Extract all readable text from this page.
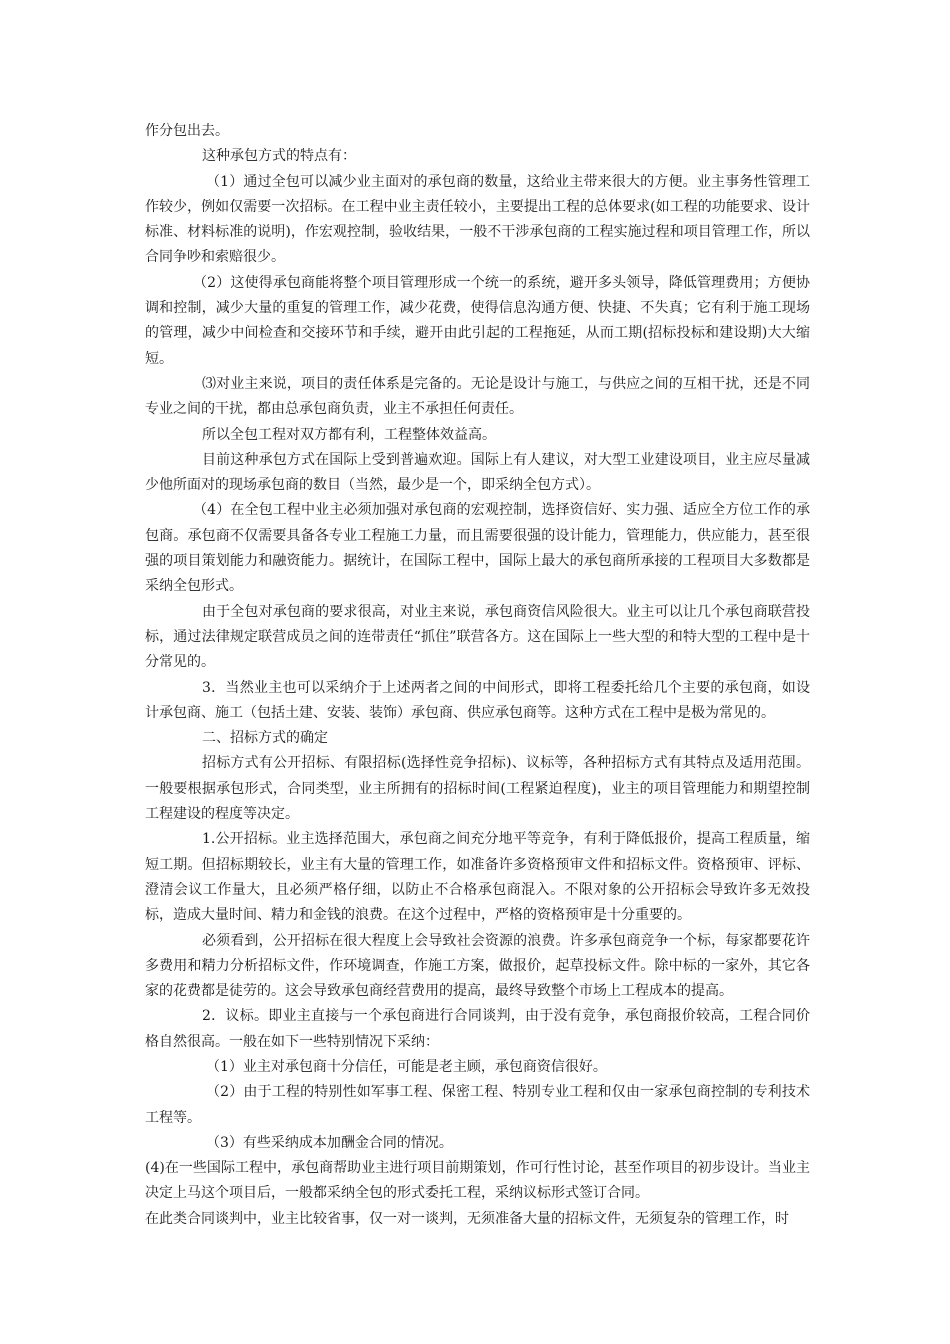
作分包出去。

这种承包方式的特点有：

（1）通过全包可以减少业主面对的承包商的数量，这给业主带来很大的方便。业主事务性管理工作较少，例如仅需要一次招标。在工程中业主责任较小，主要提出工程的总体要求(如工程的功能要求、设计标准、材料标准的说明)，作宏观控制，验收结果，一般不干涉承包商的工程实施过程和项目管理工作，所以合同争吵和索赔很少。

（2）这使得承包商能将整个项目管理形成一个统一的系统，避开多头领导，降低管理费用；方便协调和控制，减少大量的重复的管理工作，减少花费，使得信息沟通方便、快捷、不失真；它有利于施工现场的管理，减少中间检查和交接环节和手续，避开由此引起的工程拖延，从而工期(招标投标和建设期)大大缩短。

⑶对业主来说，项目的责任体系是完备的。无论是设计与施工，与供应之间的互相干扰，还是不同专业之间的干扰，都由总承包商负责，业主不承担任何责任。

所以全包工程对双方都有利，工程整体效益高。

目前这种承包方式在国际上受到普遍欢迎。国际上有人建议，对大型工业建设项目，业主应尽量减少他所面对的现场承包商的数目（当然，最少是一个，即采纳全包方式）。

（4）在全包工程中业主必须加强对承包商的宏观控制，选择资信好、实力强、适应全方位工作的承包商。承包商不仅需要具备各专业工程施工力量，而且需要很强的设计能力，管理能力，供应能力，甚至很强的项目策划能力和融资能力。据统计，在国际工程中，国际上最大的承包商所承接的工程项目大多数都是采纳全包形式。

由于全包对承包商的要求很高，对业主来说，承包商资信风险很大。业主可以让几个承包商联营投标，通过法律规定联营成员之间的连带责任“抓住”联营各方。这在国际上一些大型的和特大型的工程中是十分常见的。

3．当然业主也可以采纳介于上述两者之间的中间形式，即将工程委托给几个主要的承包商，如设计承包商、施工（包括土建、安装、装饰）承包商、供应承包商等。这种方式在工程中是极为常见的。

二、招标方式的确定

招标方式有公开招标、有限招标(选择性竞争招标)、议标等，各种招标方式有其特点及适用范围。一般要根据承包形式，合同类型，业主所拥有的招标时间(工程紧迫程度)，业主的项目管理能力和期望控制工程建设的程度等决定。

1.公开招标。业主选择范围大，承包商之间充分地平等竞争，有利于降低报价，提高工程质量，缩短工期。但招标期较长，业主有大量的管理工作，如准备许多资格预审文件和招标文件。资格预审、评标、澄清会议工作量大，且必须严格仔细，以防止不合格承包商混入。不限对象的公开招标会导致许多无效投标，造成大量时间、精力和金钱的浪费。在这个过程中，严格的资格预审是十分重要的。

必须看到，公开招标在很大程度上会导致社会资源的浪费。许多承包商竞争一个标，每家都要花许多费用和精力分析招标文件，作环境调查，作施工方案，做报价，起草投标文件。除中标的一家外，其它各家的花费都是徒劳的。这会导致承包商经营费用的提高，最终导致整个市场上工程成本的提高。

2．议标。即业主直接与一个承包商进行合同谈判，由于没有竞争，承包商报价较高，工程合同价格自然很高。一般在如下一些特别情况下采纳：

（1）业主对承包商十分信任，可能是老主顾，承包商资信很好。

（2）由于工程的特别性如军事工程、保密工程、特别专业工程和仅由一家承包商控制的专利技术工程等。

（3）有些采纳成本加酬金合同的情况。

(4)在一些国际工程中，承包商帮助业主进行项目前期策划，作可行性讨论，甚至作项目的初步设计。当业主决定上马这个项目后，一般都采纳全包的形式委托工程，采纳议标形式签订合同。

在此类合同谈判中，业主比较省事，仅一对一谈判，无须准备大量的招标文件，无须复杂的管理工作，时
